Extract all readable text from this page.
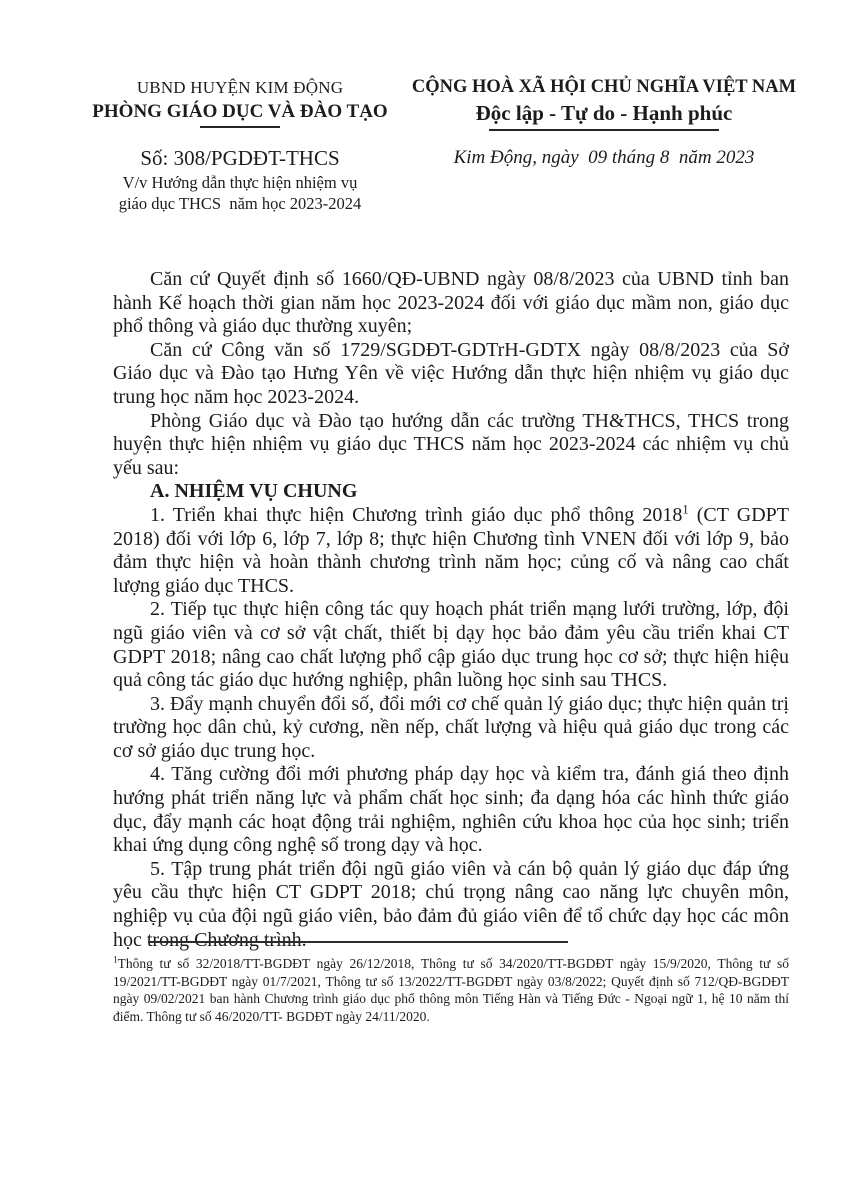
UBND HUYỆN KIM ĐỘNG
PHÒNG GIÁO DỤC VÀ ĐÀO TẠO
Số: 308/PGDĐT-THCS
V/v Hướng dẫn thực hiện nhiệm vụ
giáo dục THCS  năm học 2023-2024
CỘNG HOÀ XÃ HỘI CHỦ NGHĨA VIỆT NAM
Độc lập - Tự do - Hạnh phúc
Kim Động, ngày  09 tháng 8  năm 2023

Căn cứ Quyết định số 1660/QĐ-UBND ngày 08/8/2023 của UBND tỉnh ban hành Kế hoạch thời gian năm học 2023-2024 đối với giáo dục mầm non, giáo dục phổ thông và giáo dục thường xuyên;

Căn cứ Công văn số 1729/SGDĐT-GDTrH-GDTX ngày 08/8/2023 của Sở Giáo dục và Đào tạo Hưng Yên về việc Hướng dẫn thực hiện nhiệm vụ giáo dục trung học năm học 2023-2024.

Phòng Giáo dục và Đào tạo hướng dẫn các trường TH&THCS, THCS trong huyện thực hiện nhiệm vụ giáo dục THCS năm học 2023-2024 các nhiệm vụ chủ yếu sau:

A. NHIỆM VỤ CHUNG

1. Triển khai thực hiện Chương trình giáo dục phổ thông 2018$^1$ (CT GDPT 2018) đối với lớp 6, lớp 7, lớp 8; thực hiện Chương tình VNEN đối với lớp 9, bảo đảm thực hiện và hoàn thành chương trình năm học; củng cố và nâng cao chất lượng giáo dục THCS.

2. Tiếp tục thực hiện công tác quy hoạch phát triển mạng lưới trường, lớp, đội ngũ giáo viên và cơ sở vật chất, thiết bị dạy học bảo đảm yêu cầu triển khai CT GDPT 2018; nâng cao chất lượng phổ cập giáo dục trung học cơ sở; thực hiện hiệu quả công tác giáo dục hướng nghiệp, phân luồng học sinh sau THCS.

3. Đẩy mạnh chuyển đổi số, đổi mới cơ chế quản lý giáo dục; thực hiện quản trị trường học dân chủ, kỷ cương, nền nếp, chất lượng và hiệu quả giáo dục trong các cơ sở giáo dục trung học.

4. Tăng cường đổi mới phương pháp dạy học và kiểm tra, đánh giá theo định hướng phát triển năng lực và phẩm chất học sinh; đa dạng hóa các hình thức giáo dục, đẩy mạnh các hoạt động trải nghiệm, nghiên cứu khoa học của học sinh; triển khai ứng dụng công nghệ số trong dạy và học.

5. Tập trung phát triển đội ngũ giáo viên và cán bộ quản lý giáo dục đáp ứng yêu cầu thực hiện CT GDPT 2018; chú trọng nâng cao năng lực chuyên môn, nghiệp vụ của đội ngũ giáo viên, bảo đảm đủ giáo viên để tổ chức dạy học các môn học trong Chương trình.

$^1$Thông tư số 32/2018/TT-BGDĐT ngày 26/12/2018, Thông tư số 34/2020/TT-BGDĐT ngày 15/9/2020, Thông tư số 19/2021/TT-BGDĐT ngày 01/7/2021, Thông tư số 13/2022/TT-BGDĐT ngày 03/8/2022; Quyết định số 712/QĐ-BGDĐT ngày 09/02/2021 ban hành Chương trình giáo dục phổ thông môn Tiếng Hàn và Tiếng Đức - Ngoại ngữ 1, hệ 10 năm thí điểm. Thông tư số 46/2020/TT- BGDĐT ngày 24/11/2020.
